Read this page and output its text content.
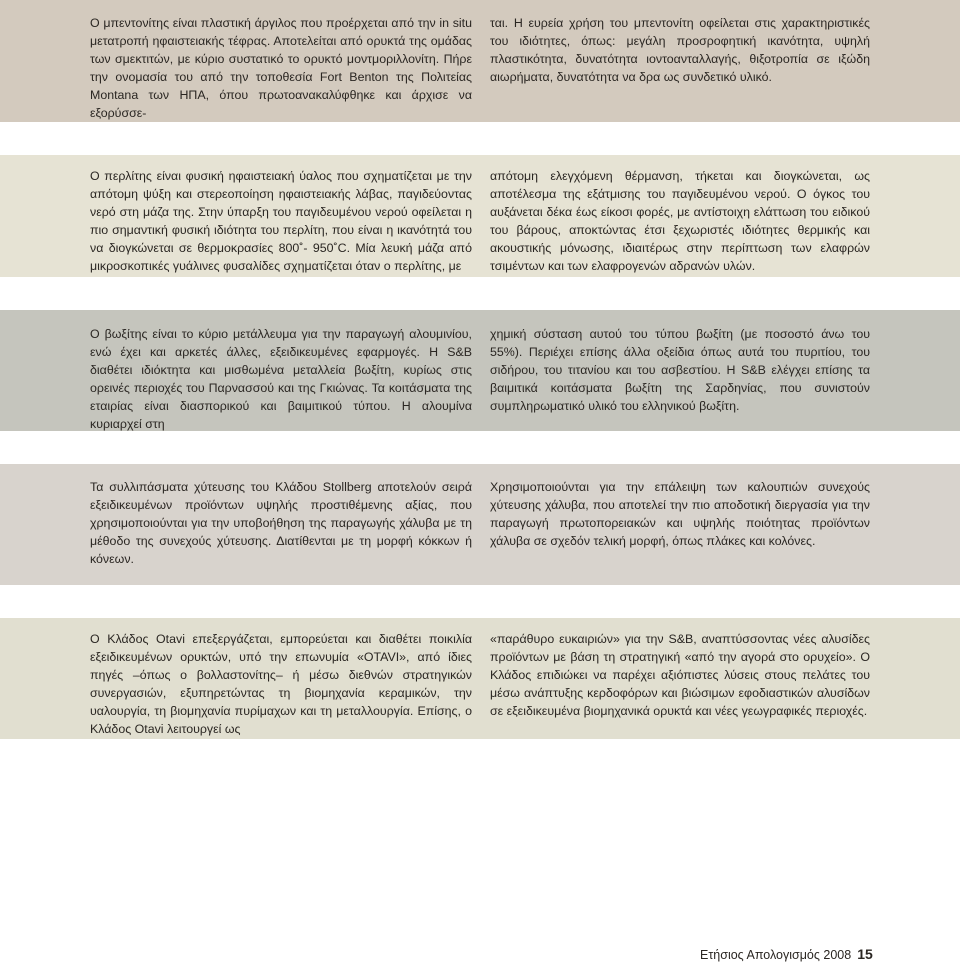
Ο μπεντονίτης είναι πλαστική άργιλος που προέρχεται από την in situ μετατροπή ηφαιστειακής τέφρας. Αποτελείται από ορυκτά της ομάδας των σμεκτιτών, με κύριο συστατικό το ορυκτό μοντμοριλλονίτη. Πήρε την ονομασία του από την τοποθεσία Fort Benton της Πολιτείας Montana των ΗΠΑ, όπου πρωτοανακαλύφθηκε και άρχισε να εξορύσσε-

ται. Η ευρεία χρήση του μπεντονίτη οφείλεται στις χαρακτηριστικές του ιδιότητες, όπως: μεγάλη προσροφητική ικανότητα, υψηλή πλαστικότητα, δυνατότητα ιοντοανταλλαγής, θιξοτροπία σε ιξώδη αιωρήματα, δυνατότητα να δρα ως συνδετικό υλικό.

Ο περλίτης είναι φυσική ηφαιστειακή ύαλος που σχηματίζεται με την απότομη ψύξη και στερεοποίηση ηφαιστειακής λάβας, παγιδεύοντας νερό στη μάζα της. Στην ύπαρξη του παγιδευμένου νερού οφείλεται η πιο σημαντική φυσική ιδιότητα του περλίτη, που είναι η ικανότητά του να διογκώνεται σε θερμοκρασίες 800˚- 950˚C. Μία λευκή μάζα από μικροσκοπικές γυάλινες φυσαλίδες σχηματίζεται όταν ο περλίτης, με

απότομη ελεγχόμενη θέρμανση, τήκεται και διογκώνεται, ως αποτέλεσμα της εξάτμισης του παγιδευμένου νερού. Ο όγκος του αυξάνεται δέκα έως είκοσι φορές, με αντίστοιχη ελάττωση του ειδικού του βάρους, αποκτώντας έτσι ξεχωριστές ιδιότητες θερμικής και ακουστικής μόνωσης, ιδιαιτέρως στην περίπτωση των ελαφρών τσιμέντων και των ελαφρογενών αδρανών υλών.

Ο βωξίτης είναι το κύριο μετάλλευμα για την παραγωγή αλουμινίου, ενώ έχει και αρκετές άλλες, εξειδικευμένες εφαρμογές. Η S&B διαθέτει ιδιόκτητα και μισθωμένα μεταλλεία βωξίτη, κυρίως στις ορεινές περιοχές του Παρνασσού και της Γκιώνας. Τα κοιτάσματα της εταιρίας είναι διασπορικού και βαιμιτικού τύπου. Η αλουμίνα κυριαρχεί στη

χημική σύσταση αυτού του τύπου βωξίτη (με ποσοστό άνω του 55%). Περιέχει επίσης άλλα οξείδια όπως αυτά του πυριτίου, του σιδήρου, του τιτανίου και του ασβεστίου. Η S&B ελέγχει επίσης τα βαιμιτικά κοιτάσματα βωξίτη της Σαρδηνίας, που συνιστούν συμπληρωματικό υλικό του ελληνικού βωξίτη.

Τα συλλιπάσματα χύτευσης του Κλάδου Stollberg αποτελούν σειρά εξειδικευμένων προϊόντων υψηλής προστιθέμενης αξίας, που χρησιμοποιούνται για την υποβοήθηση της παραγωγής χάλυβα με τη μέθοδο της συνεχούς χύτευσης. Διατίθενται με τη μορφή κόκκων ή κόνεων.

Χρησιμοποιούνται για την επάλειψη των καλουπιών συνεχούς χύτευσης χάλυβα, που αποτελεί την πιο αποδοτική διεργασία για την παραγωγή πρωτοπορειακών και υψηλής ποιότητας προϊόντων χάλυβα σε σχεδόν τελική μορφή, όπως πλάκες και κολόνες.

Ο Κλάδος Otavi επεξεργάζεται, εμπορεύεται και διαθέτει ποικιλία εξειδικευμένων ορυκτών, υπό την επωνυμία «OTAVI», από ίδιες πηγές –όπως ο βολλαστονίτης– ή μέσω διεθνών στρατηγικών συνεργασιών, εξυπηρετώντας τη βιομηχανία κεραμικών, την υαλουργία, τη βιομηχανία πυρίμαχων και τη μεταλλουργία. Επίσης, ο Κλάδος Otavi λειτουργεί ως

«παράθυρο ευκαιριών» για την S&B, αναπτύσσοντας νέες αλυσίδες προϊόντων με βάση τη στρατηγική «από την αγορά στο ορυχείο». Ο Κλάδος επιδιώκει να παρέχει αξιόπιστες λύσεις στους πελάτες του μέσω ανάπτυξης κερδοφόρων και βιώσιμων εφοδιαστικών αλυσίδων σε εξειδικευμένα βιομηχανικά ορυκτά και νέες γεωγραφικές περιοχές.

Ετήσιος Απολογισμός 2008 15
